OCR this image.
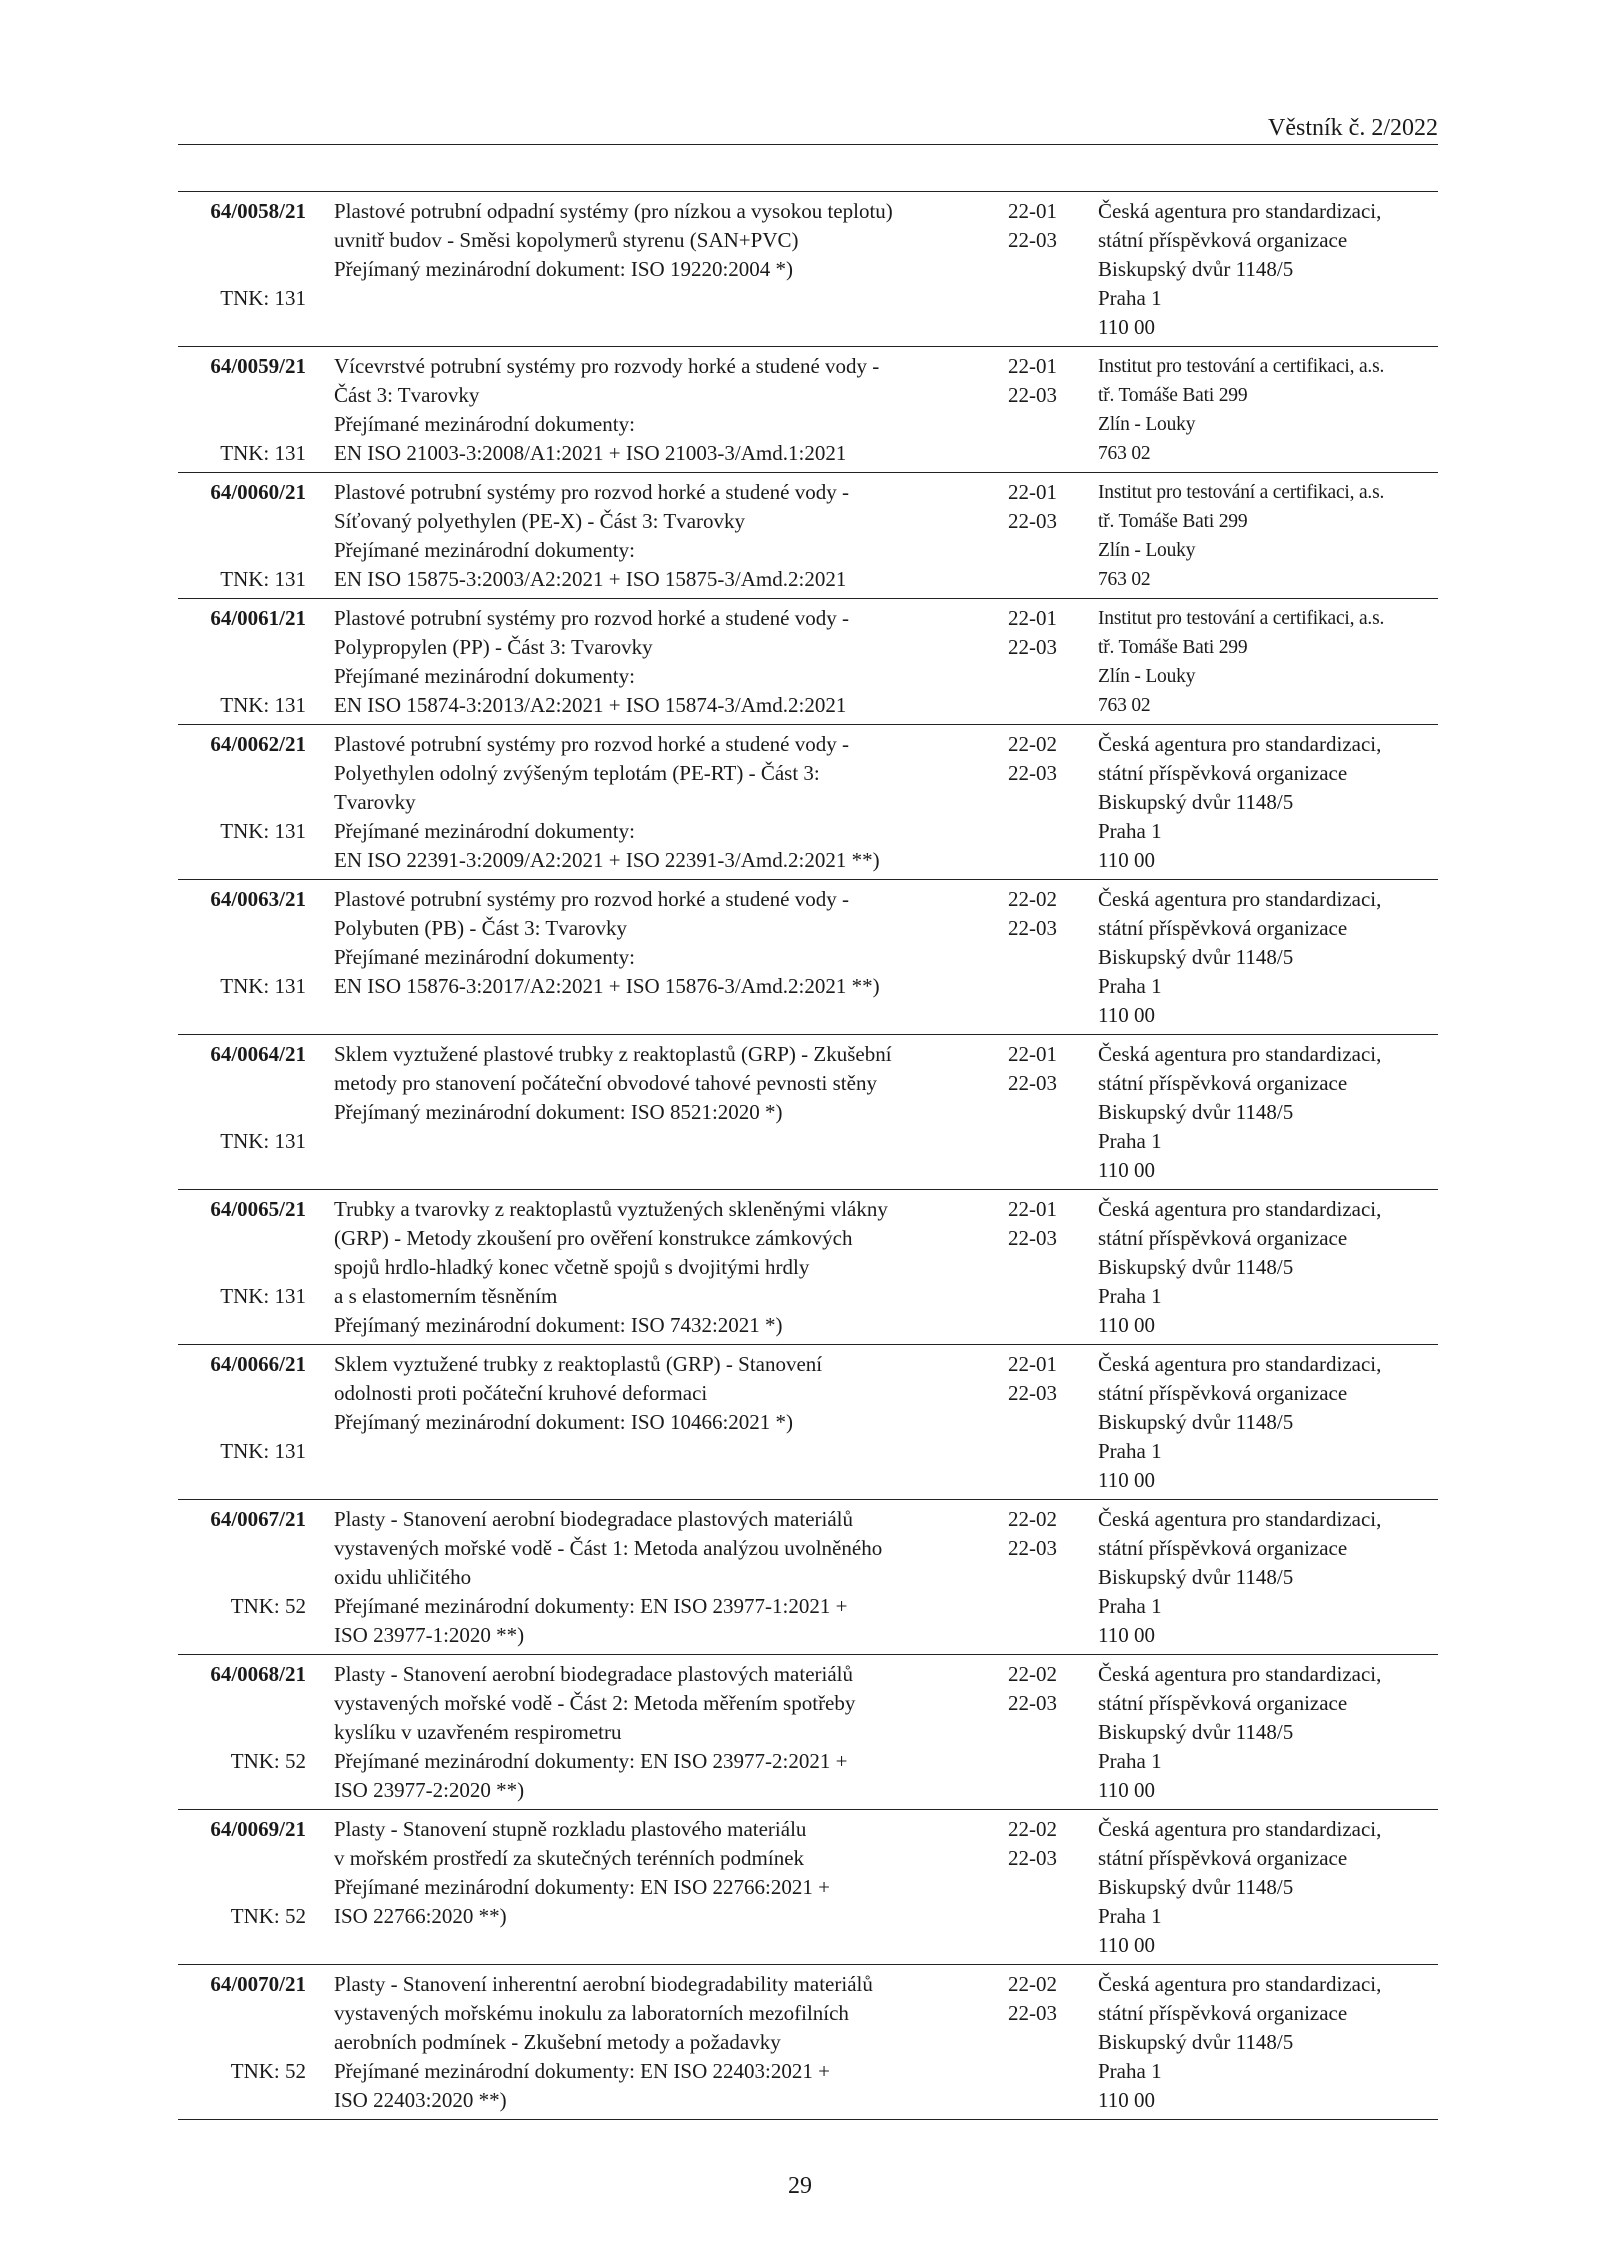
Věstník č. 2/2022
64/0058/21
TNK: 131
Plastové potrubní odpadní systémy (pro nízkou a vysokou teplotu)
uvnitř budov - Směsi kopolymerů styrenu (SAN+PVC)
Přejímaný mezinárodní dokument: ISO 19220:2004 *)
22-01
22-03
Česká agentura pro standardizaci,
státní příspěvková organizace
Biskupský dvůr 1148/5
Praha 1
110 00
64/0059/21
TNK: 131
Vícevrstvé potrubní systémy pro rozvody horké a studené vody -
Část 3: Tvarovky
Přejímané mezinárodní dokumenty:
EN ISO 21003-3:2008/A1:2021 + ISO 21003-3/Amd.1:2021
22-01
22-03
Institut pro testování a certifikaci, a.s.
tř. Tomáše Bati 299
Zlín - Louky
763 02
64/0060/21
TNK: 131
Plastové potrubní systémy pro rozvod horké a studené vody -
Síťovaný polyethylen (PE-X) - Část 3: Tvarovky
Přejímané mezinárodní dokumenty:
EN ISO 15875-3:2003/A2:2021 + ISO 15875-3/Amd.2:2021
22-01
22-03
Institut pro testování a certifikaci, a.s.
tř. Tomáše Bati 299
Zlín - Louky
763 02
64/0061/21
TNK: 131
Plastové potrubní systémy pro rozvod horké a studené vody -
Polypropylen (PP) - Část 3: Tvarovky
Přejímané mezinárodní dokumenty:
EN ISO 15874-3:2013/A2:2021 + ISO 15874-3/Amd.2:2021
22-01
22-03
Institut pro testování a certifikaci, a.s.
tř. Tomáše Bati 299
Zlín - Louky
763 02
64/0062/21
TNK: 131
Plastové potrubní systémy pro rozvod horké a studené vody -
Polyethylen odolný zvýšeným teplotám (PE-RT) - Část 3:
Tvarovky
Přejímané mezinárodní dokumenty:
EN ISO 22391-3:2009/A2:2021 + ISO 22391-3/Amd.2:2021 **)
22-02
22-03
Česká agentura pro standardizaci,
státní příspěvková organizace
Biskupský dvůr 1148/5
Praha 1
110 00
64/0063/21
TNK: 131
Plastové potrubní systémy pro rozvod horké a studené vody -
Polybuten (PB) - Část 3: Tvarovky
Přejímané mezinárodní dokumenty:
EN ISO 15876-3:2017/A2:2021 + ISO 15876-3/Amd.2:2021 **)
22-02
22-03
Česká agentura pro standardizaci,
státní příspěvková organizace
Biskupský dvůr 1148/5
Praha 1
110 00
64/0064/21
TNK: 131
Sklem vyztužené plastové trubky z reaktoplastů (GRP) - Zkušební
metody pro stanovení počáteční obvodové tahové pevnosti stěny
Přejímaný mezinárodní dokument: ISO 8521:2020 *)
22-01
22-03
Česká agentura pro standardizaci,
státní příspěvková organizace
Biskupský dvůr 1148/5
Praha 1
110 00
64/0065/21
TNK: 131
Trubky a tvarovky z reaktoplastů vyztužených skleněnými vlákny
(GRP) - Metody zkoušení pro ověření konstrukce zámkových
spojů hrdlo-hladký konec včetně spojů s dvojitými hrdly
a s elastomerním těsněním
Přejímaný mezinárodní dokument: ISO 7432:2021 *)
22-01
22-03
Česká agentura pro standardizaci,
státní příspěvková organizace
Biskupský dvůr 1148/5
Praha 1
110 00
64/0066/21
TNK: 131
Sklem vyztužené trubky z reaktoplastů (GRP) - Stanovení
odolnosti proti počáteční kruhové deformaci
Přejímaný mezinárodní dokument: ISO 10466:2021 *)
22-01
22-03
Česká agentura pro standardizaci,
státní příspěvková organizace
Biskupský dvůr 1148/5
Praha 1
110 00
64/0067/21
TNK: 52
Plasty - Stanovení aerobní biodegradace plastových materiálů
vystavených mořské vodě - Část 1: Metoda analýzou uvolněného
oxidu uhličitého
Přejímané mezinárodní dokumenty: EN ISO 23977-1:2021 +
ISO 23977-1:2020 **)
22-02
22-03
Česká agentura pro standardizaci,
státní příspěvková organizace
Biskupský dvůr 1148/5
Praha 1
110 00
64/0068/21
TNK: 52
Plasty - Stanovení aerobní biodegradace plastových materiálů
vystavených mořské vodě - Část 2: Metoda měřením spotřeby
kyslíku v uzavřeném respirometru
Přejímané mezinárodní dokumenty: EN ISO 23977-2:2021 +
ISO 23977-2:2020 **)
22-02
22-03
Česká agentura pro standardizaci,
státní příspěvková organizace
Biskupský dvůr 1148/5
Praha 1
110 00
64/0069/21
TNK: 52
Plasty - Stanovení stupně rozkladu plastového materiálu
v mořském prostředí za skutečných terénních podmínek
Přejímané mezinárodní dokumenty: EN ISO 22766:2021 +
ISO 22766:2020 **)
22-02
22-03
Česká agentura pro standardizaci,
státní příspěvková organizace
Biskupský dvůr 1148/5
Praha 1
110 00
64/0070/21
TNK: 52
Plasty - Stanovení inherentní aerobní biodegradability materiálů
vystavených mořskému inokulu za laboratorních mezofilních
aerobních podmínek - Zkušební metody a požadavky
Přejímané mezinárodní dokumenty: EN ISO 22403:2021 +
ISO 22403:2020 **)
22-02
22-03
Česká agentura pro standardizaci,
státní příspěvková organizace
Biskupský dvůr 1148/5
Praha 1
110 00
29
